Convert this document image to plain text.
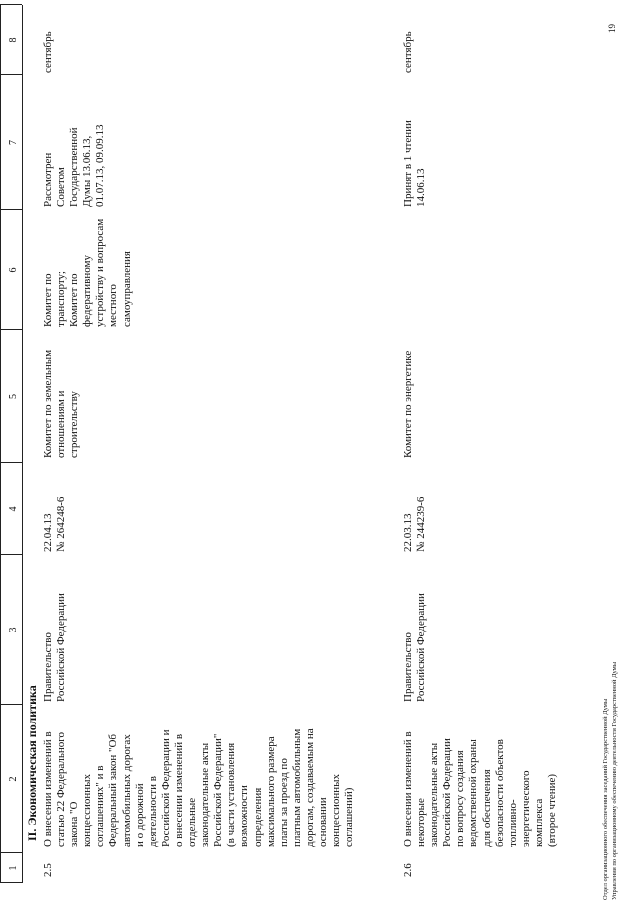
1
2
3
4
5
6
7
8
II. Экономическая политика
2.5
О внесении изменений в
статью 22 Федерального
закона "О
концессионных
соглашениях" и в
Федеральный закон "Об
автомобильных дорогах
и о дорожной
деятельности в
Российской Федерации и
о внесении изменений в
отдельные
законодательные акты
Российской Федерации"
(в части установления
возможности
определения
максимального размера
платы за проезд по
платным автомобильным
дорогам, создаваемым на
основании
концессионных
соглашений)
Правительство
Российской Федерации
22.04.13
№ 264248-6
Комитет по земельным
отношениям и
строительству
Комитет по
транспорту;
Комитет по
федеративному
устройству и вопросам
местного
самоуправления
Рассмотрен
Советом
Государственной
Думы 13.06.13,
01.07.13, 09.09.13
сентябрь
2.6
О внесении изменений в
некоторые
законодательные акты
Российской Федерации
по вопросу создания
ведомственной охраны
для обеспечения
безопасности объектов
топливно-
энергетического
комплекса
(второе чтение)
Правительство
Российской Федерации
22.03.13
№ 244239-6
Комитет по энергетике
Принят в 1 чтении
14.06.13
сентябрь
Отдел организационного обеспечения заседаний Государственной Думы Управления по организационному обеспечению деятельности Государственной Думы
19
